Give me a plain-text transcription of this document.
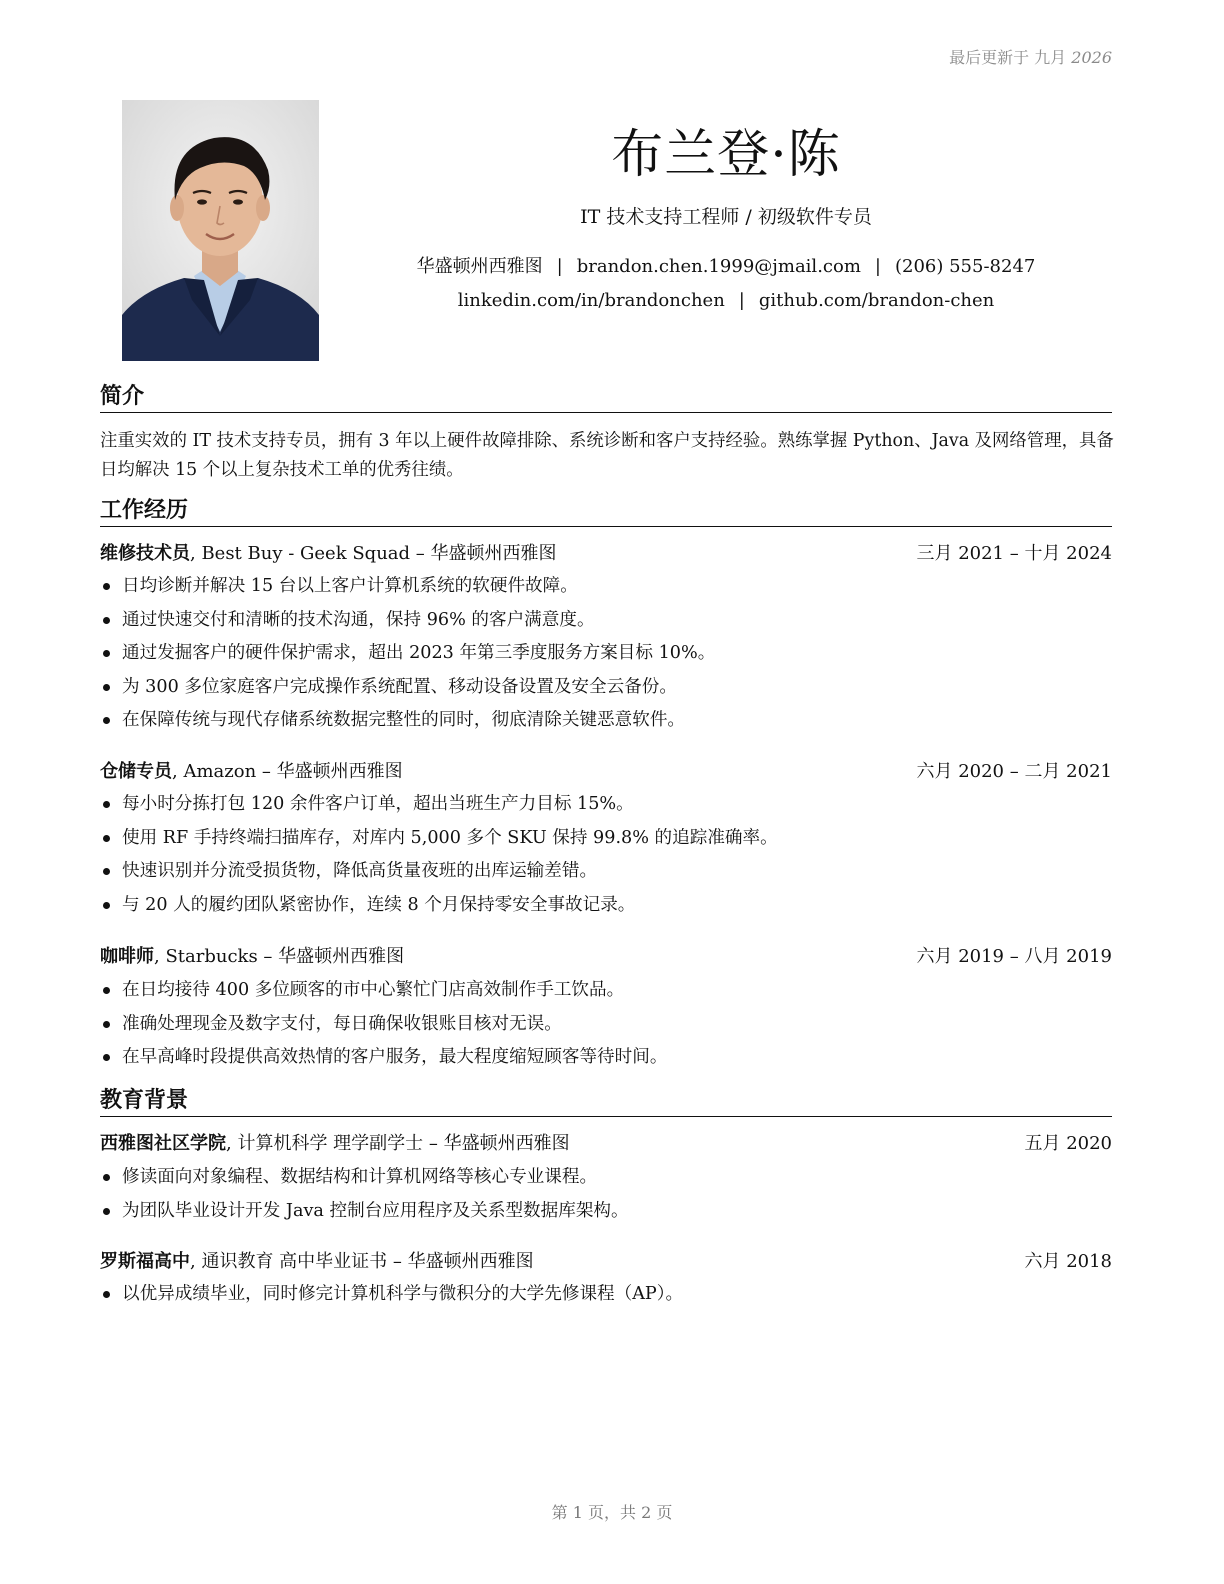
最后更新于 九月 2026
布兰登·陈
IT 技术支持工程师 / 初级软件专员
华盛顿州西雅图 | brandon.chen.1999@jmail.com | (206) 555-8247
linkedin.com/in/brandonchen | github.com/brandon-chen
简介

注重实效的 IT 技术支持专员，拥有 3 年以上硬件故障排除、系统诊断和客户支持经验。熟练掌握 Python、Java 及网络管理，具备日均解决 15 个以上复杂技术工单的优秀往绩。

工作经历
维修技术员, Best Buy - Geek Squad – 华盛顿州西雅图	三月 2021 – 十月 2024
日均诊断并解决 15 台以上客户计算机系统的软硬件故障。
通过快速交付和清晰的技术沟通，保持 96% 的客户满意度。
通过发掘客户的硬件保护需求，超出 2023 年第三季度服务方案目标 10%。
为 300 多位家庭客户完成操作系统配置、移动设备设置及安全云备份。
在保障传统与现代存储系统数据完整性的同时，彻底清除关键恶意软件。
仓储专员, Amazon – 华盛顿州西雅图	六月 2020 – 二月 2021
每小时分拣打包 120 余件客户订单，超出当班生产力目标 15%。
使用 RF 手持终端扫描库存，对库内 5,000 多个 SKU 保持 99.8% 的追踪准确率。
快速识别并分流受损货物，降低高货量夜班的出库运输差错。
与 20 人的履约团队紧密协作，连续 8 个月保持零安全事故记录。
咖啡师, Starbucks – 华盛顿州西雅图	六月 2019 – 八月 2019
在日均接待 400 多位顾客的市中心繁忙门店高效制作手工饮品。
准确处理现金及数字支付，每日确保收银账目核对无误。
在早高峰时段提供高效热情的客户服务，最大程度缩短顾客等待时间。
教育背景
西雅图社区学院, 计算机科学 理学副学士 – 华盛顿州西雅图	五月 2020
修读面向对象编程、数据结构和计算机网络等核心专业课程。
为团队毕业设计开发 Java 控制台应用程序及关系型数据库架构。
罗斯福高中, 通识教育 高中毕业证书 – 华盛顿州西雅图	六月 2018
以优异成绩毕业，同时修完计算机科学与微积分的大学先修课程（AP）。
第 1 页，共 2 页
